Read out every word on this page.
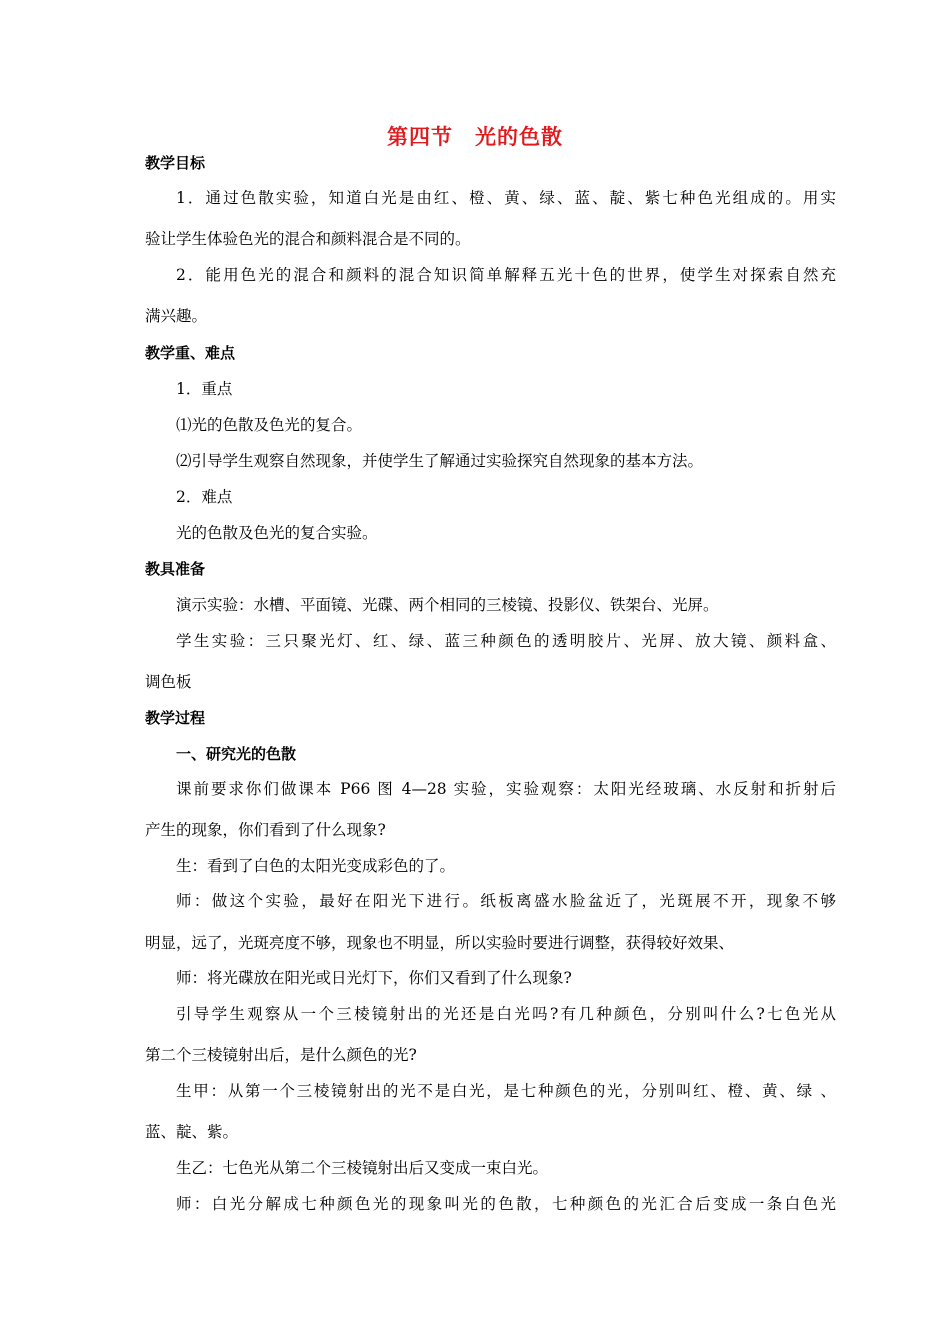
第四节　光的色散
教学目标
1．通过色散实验，知道白光是由红、橙、黄、绿、蓝、靛、紫七种色光组成的。用实
验让学生体验色光的混合和颜料混合是不同的。
2．能用色光的混合和颜料的混合知识简单解释五光十色的世界，使学生对探索自然充
满兴趣。
教学重、难点
1．重点
⑴光的色散及色光的复合。
⑵引导学生观察自然现象，并使学生了解通过实验探究自然现象的基本方法。
2．难点
光的色散及色光的复合实验。
教具准备
演示实验：水槽、平面镜、光碟、两个相同的三棱镜、投影仪、铁架台、光屏。
学生实验：三只聚光灯、红、绿、蓝三种颜色的透明胶片、光屏、放大镜、颜料盒、
调色板
教学过程
一、研究光的色散
课前要求你们做课本 P66 图 4—28 实验，实验观察：太阳光经玻璃、水反射和折射后
产生的现象，你们看到了什么现象?
生：看到了白色的太阳光变成彩色的了。
师：做这个实验，最好在阳光下进行。纸板离盛水脸盆近了，光斑展不开，现象不够
明显，远了，光斑亮度不够，现象也不明显，所以实验时要进行调整，获得较好效果、
师：将光碟放在阳光或日光灯下，你们又看到了什么现象?
引导学生观察从一个三棱镜射出的光还是白光吗?有几种颜色，分别叫什么?七色光从
第二个三棱镜射出后，是什么颜色的光?
生甲：从第一个三棱镜射出的光不是白光，是七种颜色的光，分别叫红、橙、黄、绿 、
蓝、靛、紫。
生乙：七色光从第二个三棱镜射出后又变成一束白光。
师：白光分解成七种颜色光的现象叫光的色散，七种颜色的光汇合后变成一条白色光
